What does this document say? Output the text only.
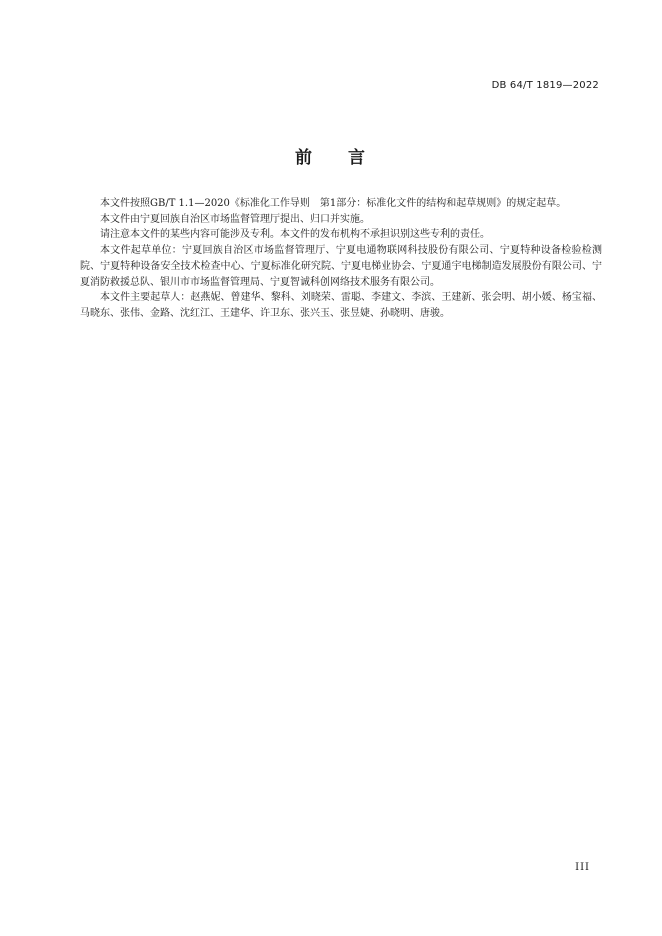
DB 64/T 1819—2022
前 言

本文件按照GB/T 1.1—2020《标准化工作导则　第1部分：标准化文件的结构和起草规则》的规定起草。

本文件由宁夏回族自治区市场监督管理厅提出、归口并实施。

请注意本文件的某些内容可能涉及专利。本文件的发布机构不承担识别这些专利的责任。

本文件起草单位：宁夏回族自治区市场监督管理厅、宁夏电通物联网科技股份有限公司、宁夏特种设备检验检测院、宁夏特种设备安全技术检查中心、宁夏标准化研究院、宁夏电梯业协会、宁夏通宇电梯制造发展股份有限公司、宁夏消防救援总队、银川市市场监督管理局、宁夏智诚科创网络技术服务有限公司。

本文件主要起草人：赵燕妮、曾建华、黎科、刘晓荣、雷聪、李建文、李滨、王建新、张会明、胡小媛、杨宝福、马晓东、张伟、金路、沈红江、王建华、许卫东、张兴玉、张昱婕、孙晓明、唐骏。

III
